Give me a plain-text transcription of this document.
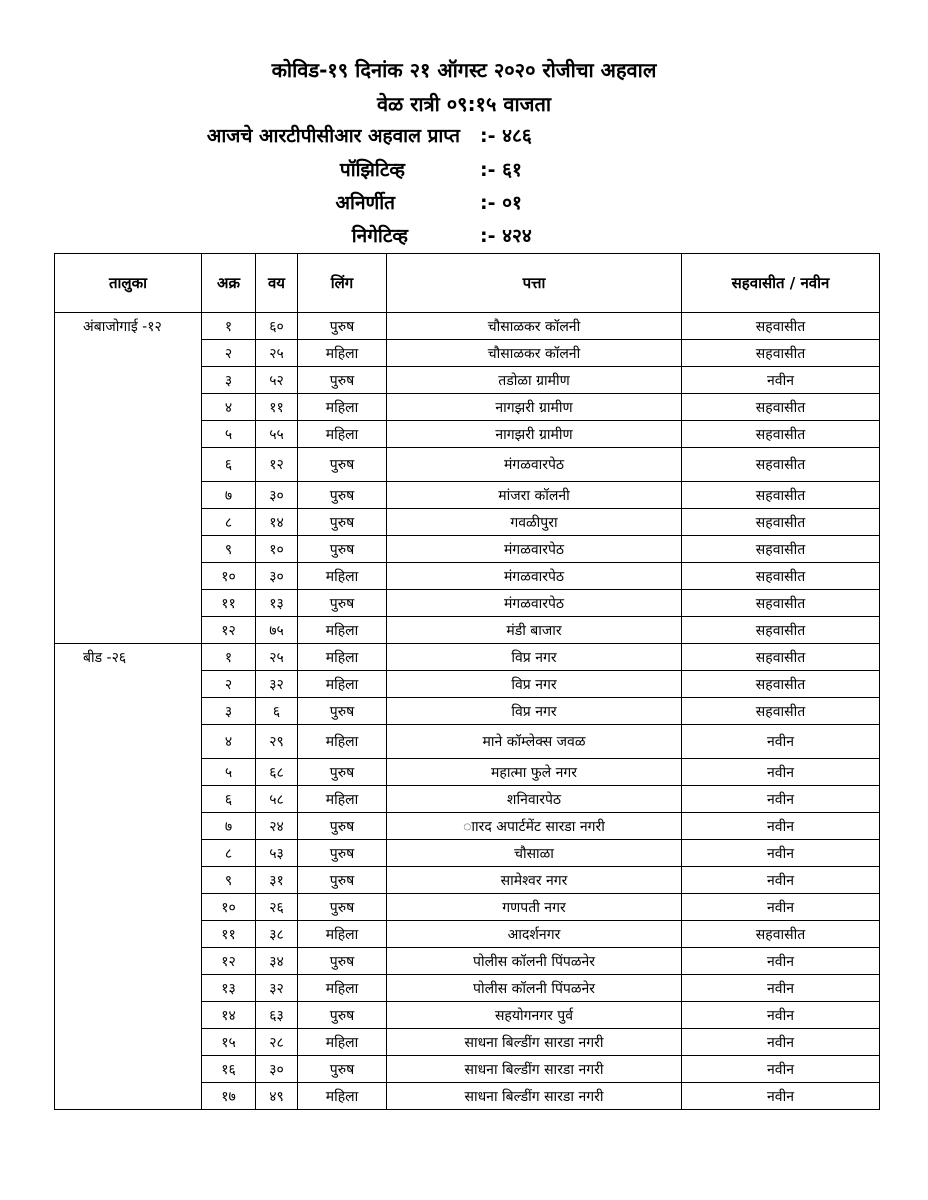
कोविड-१९ दिनांक २१ ऑगस्ट २०२० रोजीचा अहवाल
वेळ रात्री ०९:१५ वाजता
आजचे आरटीपीसीआर अहवाल प्राप्त :- ४८६
पॉझिटिव्ह	:- ६१
अनिर्णीत	:- ०१
निगेटिव्ह	:- ४२४
तालुका	अक्र	वय	लिंग	पत्ता	सहवासीत / नवीन
अंबाजोगाई -१२	१	६०	पुरुष	चौसाळकर कॉलनी	सहवासीत
	२	२५	महिला	चौसाळकर कॉलनी	सहवासीत
	३	५२	पुरुष	तडोळा ग्रामीण	नवीन
	४	११	महिला	नागझरी ग्रामीण	सहवासीत
	५	५५	महिला	नागझरी ग्रामीण	सहवासीत
	६	१२	पुरुष	मंगळवारपेठ	सहवासीत
	७	३०	पुरुष	मांजरा कॉलनी	सहवासीत
	८	१४	पुरुष	गवळीपुरा	सहवासीत
	९	१०	पुरुष	मंगळवारपेठ	सहवासीत
	१०	३०	महिला	मंगळवारपेठ	सहवासीत
	११	१३	पुरुष	मंगळवारपेठ	सहवासीत
	१२	७५	महिला	मंडी बाजार	सहवासीत
बीड -२६	१	२५	महिला	विप्र नगर	सहवासीत
	२	३२	महिला	विप्र नगर	सहवासीत
	३	६	पुरुष	विप्र नगर	सहवासीत
	४	२९	महिला	माने कॉम्लेक्स जवळ	नवीन
	५	६८	पुरुष	महात्मा फुले नगर	नवीन
	६	५८	महिला	शनिवारपेठ	नवीन
	७	२४	पुरुष	ाारद अपार्टमेंट सारडा नगरी	नवीन
	८	५३	पुरुष	चौसाळा	नवीन
	९	३१	पुरुष	सामेश्वर नगर	नवीन
	१०	२६	पुरुष	गणपती नगर	नवीन
	११	३८	महिला	आदर्शनगर	सहवासीत
	१२	३४	पुरुष	पोलीस कॉलनी पिंपळनेर	नवीन
	१३	३२	महिला	पोलीस कॉलनी पिंपळनेर	नवीन
	१४	६३	पुरुष	सहयोगनगर पुर्व	नवीन
	१५	२८	महिला	साधना बिल्डींग सारडा नगरी	नवीन
	१६	३०	पुरुष	साधना बिल्डींग सारडा नगरी	नवीन
	१७	४९	महिला	साधना बिल्डींग सारडा नगरी	नवीन
